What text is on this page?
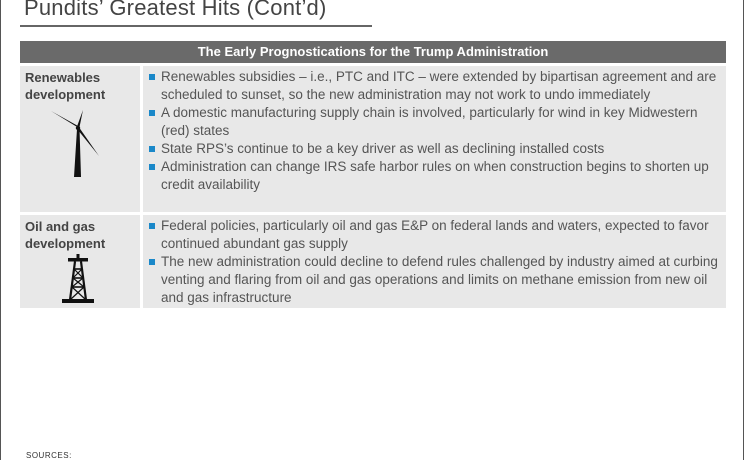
Pundits’ Greatest Hits (Cont’d)
The Early Prognostications for the Trump Administration
Renewables development
Renewables subsidies – i.e., PTC and ITC – were extended by bipartisan agreement and are scheduled to sunset, so the new administration may not work to undo immediately
A domestic manufacturing supply chain is involved, particularly for wind in key Midwestern (red) states
State RPS’s continue to be a key driver as well as declining installed costs
Administration can change IRS safe harbor rules on when construction begins to shorten up credit availability
Oil and gas development
Federal policies, particularly oil and gas E&P on federal lands and waters, expected to favor continued abundant gas supply
The new administration could decline to defend rules challenged by industry aimed at curbing venting and flaring from oil and gas operations and limits on methane emission from new oil and gas infrastructure
SOURCES:
